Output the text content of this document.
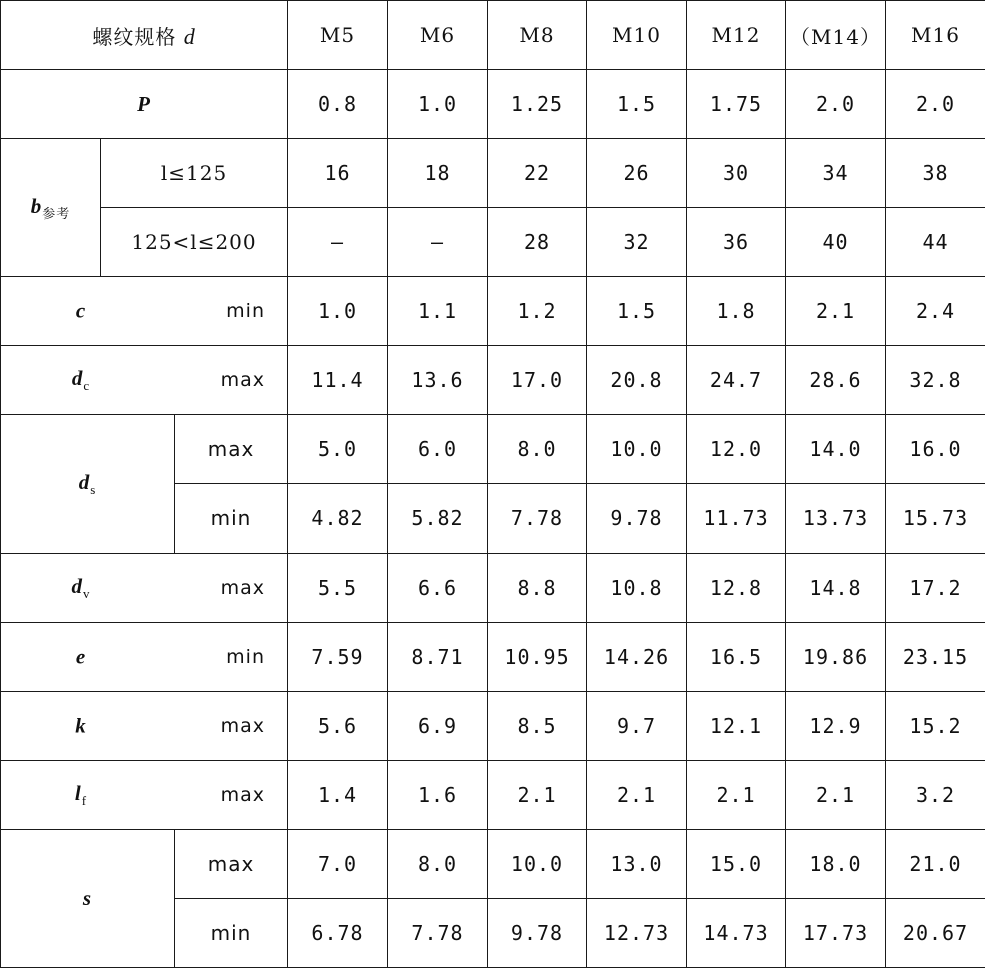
螺纹规格 d			M5	M6	M8	M10	M12	（M14）	M16
P			0.8	1.0	1.25	1.5	1.75	2.0	2.0
$b_{参考}$	l≤125		16	18	22	26	30	34	38
	125<l≤200		—	—	28	32	36	40	44

c min			1.0	1.1	1.2	1.5	1.8	2.1	2.4

$d_c$ max			11.4	13.6	17.0	20.8	24.7	28.6	32.8
$d_s$		max	5.0	6.0	8.0	10.0	12.0	14.0	16.0
		min	4.82	5.82	7.78	9.78	11.73	13.73	15.73

$d_v$ max			5.5	6.6	8.8	10.8	12.8	14.8	17.2

e min			7.59	8.71	10.95	14.26	16.5	19.86	23.15

k max			5.6	6.9	8.5	9.7	12.1	12.9	15.2

$l_f$ max			1.4	1.6	2.1	2.1	2.1	2.1	3.2
s		max	7.0	8.0	10.0	13.0	15.0	18.0	21.0
		min	6.78	7.78	9.78	12.73	14.73	17.73	20.67
